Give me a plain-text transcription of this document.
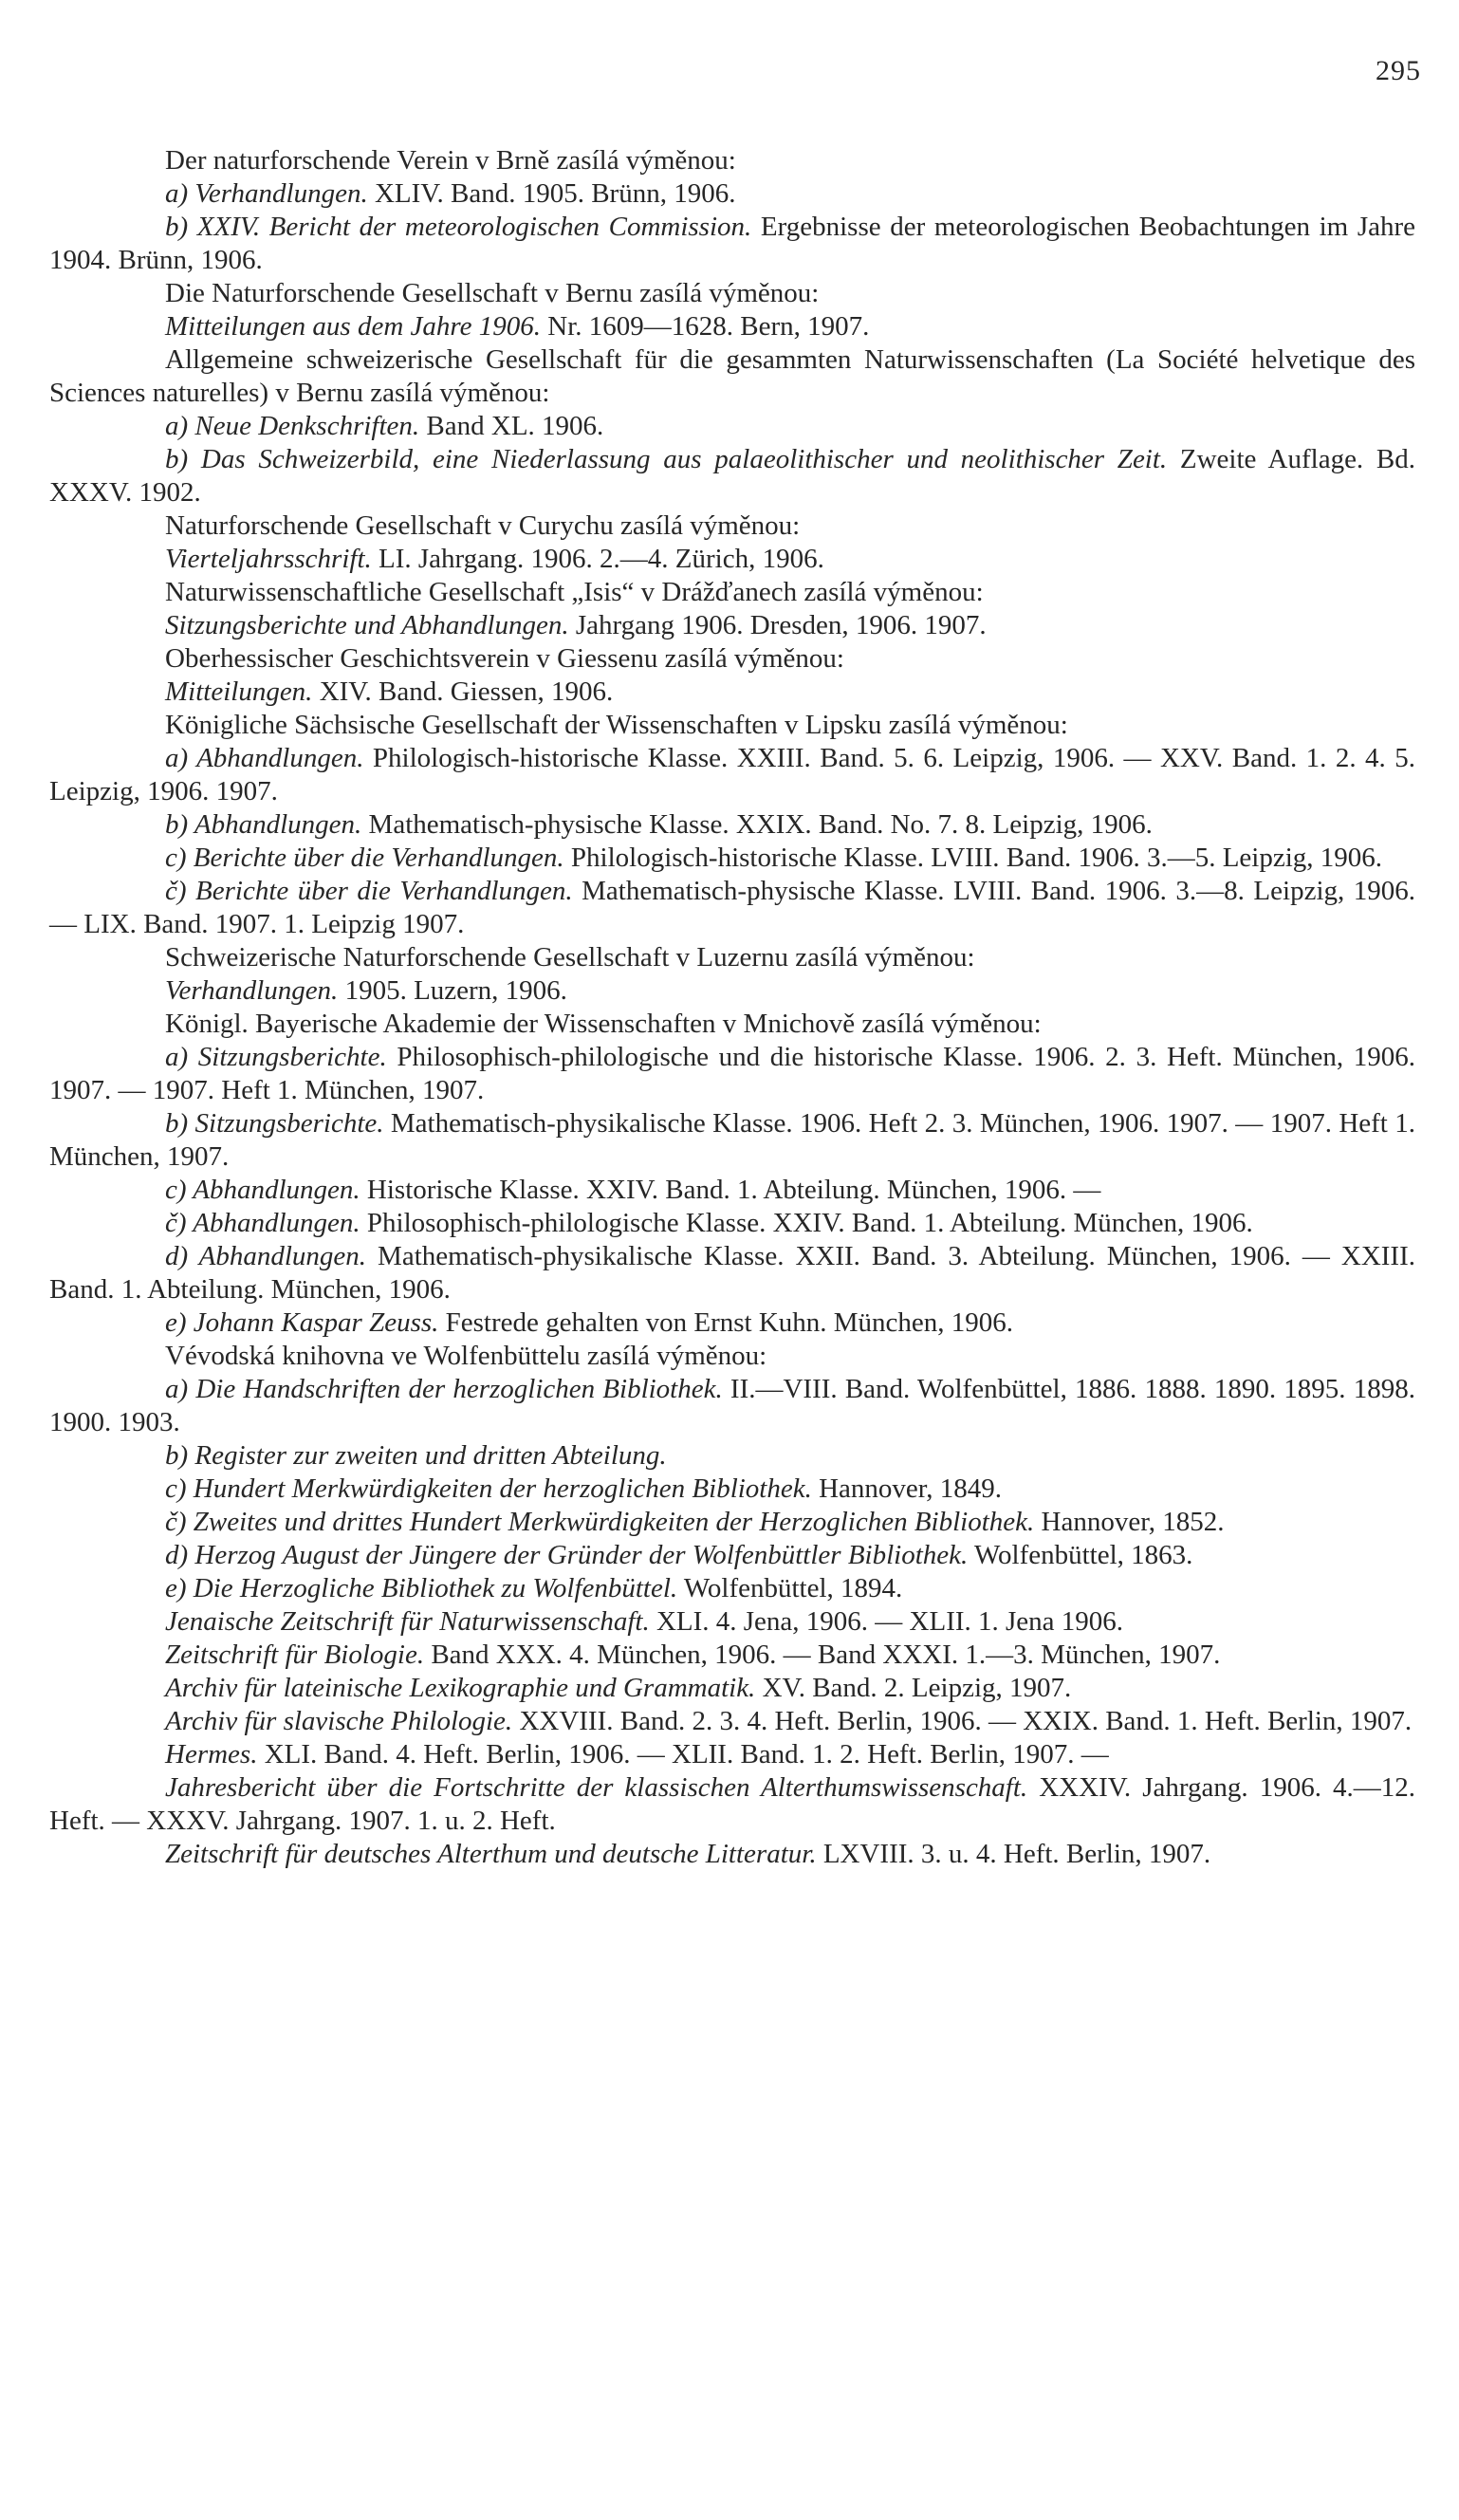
295

Der naturforschende Verein v Brně zasílá výměnou:

a) Verhandlungen. XLIV. Band. 1905. Brünn, 1906.

b) XXIV. Bericht der meteorologischen Commission. Ergebnisse der meteorologischen Beobachtungen im Jahre 1904. Brünn, 1906.

Die Naturforschende Gesellschaft v Bernu zasílá výměnou:

Mitteilungen aus dem Jahre 1906. Nr. 1609—1628. Bern, 1907.

Allgemeine schweizerische Gesellschaft für die gesammten Naturwissenschaften (La Société helvetique des Sciences naturelles) v Bernu zasílá výměnou:

a) Neue Denkschriften. Band XL. 1906.

b) Das Schweizerbild, eine Niederlassung aus palaeolithischer und neolithischer Zeit. Zweite Auflage. Bd. XXXV. 1902.

Naturforschende Gesellschaft v Curychu zasílá výměnou:

Vierteljahrsschrift. LI. Jahrgang. 1906. 2.—4. Zürich, 1906.

Naturwissenschaftliche Gesellschaft „Isis“ v Drážďanech zasílá výměnou:

Sitzungsberichte und Abhandlungen. Jahrgang 1906. Dresden, 1906. 1907.

Oberhessischer Geschichtsverein v Giessenu zasílá výměnou:

Mitteilungen. XIV. Band. Giessen, 1906.

Königliche Sächsische Gesellschaft der Wissenschaften v Lipsku zasílá výměnou:

a) Abhandlungen. Philologisch-historische Klasse. XXIII. Band. 5. 6. Leipzig, 1906. — XXV. Band. 1. 2. 4. 5. Leipzig, 1906. 1907.

b) Abhandlungen. Mathematisch-physische Klasse. XXIX. Band. No. 7. 8. Leipzig, 1906.

c) Berichte über die Verhandlungen. Philologisch-historische Klasse. LVIII. Band. 1906. 3.—5. Leipzig, 1906.

č) Berichte über die Verhandlungen. Mathematisch-physische Klasse. LVIII. Band. 1906. 3.—8. Leipzig, 1906. — LIX. Band. 1907. 1. Leipzig 1907.

Schweizerische Naturforschende Gesellschaft v Luzernu zasílá výměnou:

Verhandlungen. 1905. Luzern, 1906.

Königl. Bayerische Akademie der Wissenschaften v Mnichově zasílá výměnou:

a) Sitzungsberichte. Philosophisch-philologische und die historische Klasse. 1906. 2. 3. Heft. München, 1906. 1907. — 1907. Heft 1. München, 1907.

b) Sitzungsberichte. Mathematisch-physikalische Klasse. 1906. Heft 2. 3. München, 1906. 1907. — 1907. Heft 1. München, 1907.

c) Abhandlungen. Historische Klasse. XXIV. Band. 1. Abteilung. München, 1906. —

č) Abhandlungen. Philosophisch-philologische Klasse. XXIV. Band. 1. Abteilung. München, 1906.

d) Abhandlungen. Mathematisch-physikalische Klasse. XXII. Band. 3. Abteilung. München, 1906. — XXIII. Band. 1. Abteilung. München, 1906.

e) Johann Kaspar Zeuss. Festrede gehalten von Ernst Kuhn. München, 1906.

Vévodská knihovna ve Wolfenbüttelu zasílá výměnou:

a) Die Handschriften der herzoglichen Bibliothek. II.—VIII. Band. Wolfenbüttel, 1886. 1888. 1890. 1895. 1898. 1900. 1903.

b) Register zur zweiten und dritten Abteilung.

c) Hundert Merkwürdigkeiten der herzoglichen Bibliothek. Hannover, 1849.

č) Zweites und drittes Hundert Merkwürdigkeiten der Herzoglichen Bibliothek. Hannover, 1852.

d) Herzog August der Jüngere der Gründer der Wolfenbüttler Bibliothek. Wolfenbüttel, 1863.

e) Die Herzogliche Bibliothek zu Wolfenbüttel. Wolfenbüttel, 1894.

Jenaische Zeitschrift für Naturwissenschaft. XLI. 4. Jena, 1906. — XLII. 1. Jena 1906.

Zeitschrift für Biologie. Band XXX. 4. München, 1906. — Band XXXI. 1.—3. München, 1907.

Archiv für lateinische Lexikographie und Grammatik. XV. Band. 2. Leipzig, 1907.

Archiv für slavische Philologie. XXVIII. Band. 2. 3. 4. Heft. Berlin, 1906. — XXIX. Band. 1. Heft. Berlin, 1907.

Hermes. XLI. Band. 4. Heft. Berlin, 1906. — XLII. Band. 1. 2. Heft. Berlin, 1907. —

Jahresbericht über die Fortschritte der klassischen Alterthumswissenschaft. XXXIV. Jahrgang. 1906. 4.—12. Heft. — XXXV. Jahrgang. 1907. 1. u. 2. Heft.

Zeitschrift für deutsches Alterthum und deutsche Litteratur. LXVIII. 3. u. 4. Heft. Berlin, 1907.
